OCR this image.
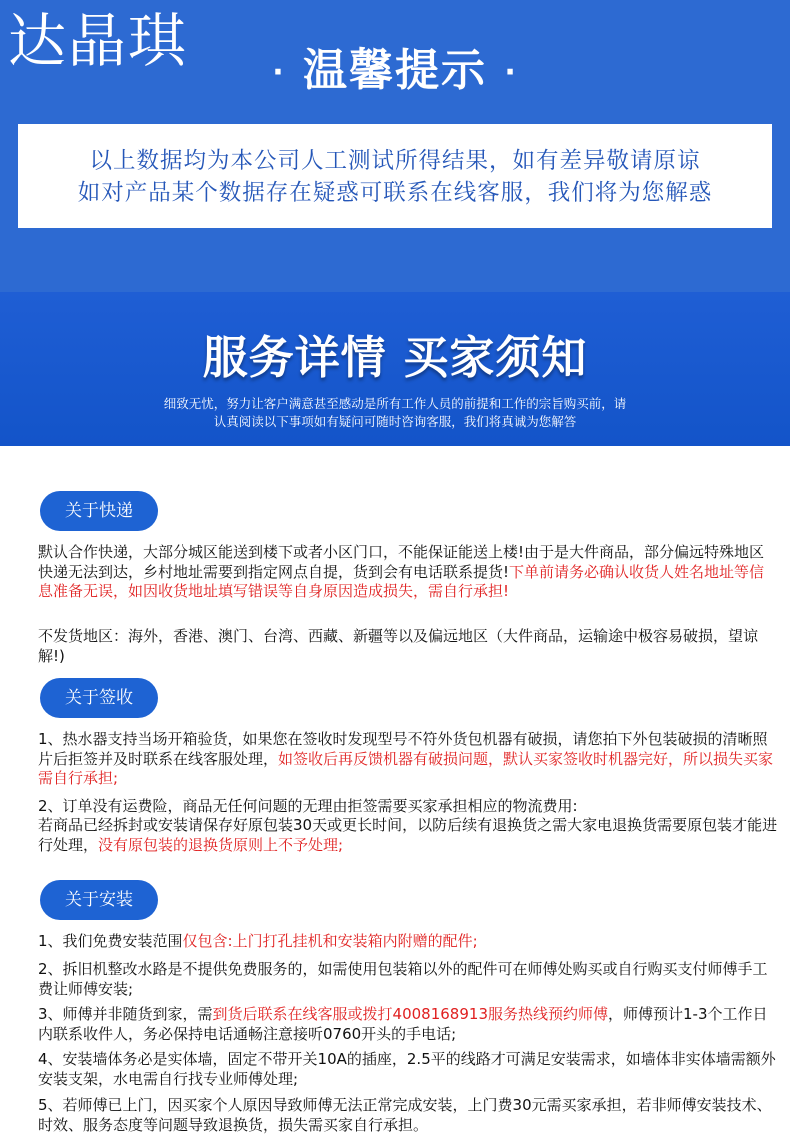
达晶琪	· 温馨提示 ·
以上数据均为本公司人工测试所得结果，如有差异敬请原谅
如对产品某个数据存在疑惑可联系在线客服，我们将为您解惑
服务详情 买家须知
细致无忧，努力让客户满意甚至感动是所有工作人员的前提和工作的宗旨购买前，请
认真阅读以下事项如有疑问可随时咨询客服，我们将真诚为您解答
关于快递
默认合作快递，大部分城区能送到楼下或者小区门口，不能保证能送上楼!由于是大件商品，部分偏远特殊地区快递无法到达，乡村地址需要到指定网点自提，货到会有电话联系提货!下单前请务必确认收货人姓名地址等信息准备无误，如因收货地址填写错误等自身原因造成损失，需自行承担!
不发货地区：海外，香港、澳门、台湾、西藏、新疆等以及偏远地区（大件商品，运输途中极容易破损，望谅解!)
关于签收
1、热水器支持当场开箱验货，如果您在签收时发现型号不符外货包机器有破损，请您拍下外包装破损的清晰照片后拒签并及时联系在线客服处理，如签收后再反馈机器有破损问题，默认买家签收时机器完好，所以损失买家需自行承担;
2、订单没有运费险，商品无任何问题的无理由拒签需要买家承担相应的物流费用:
若商品已经拆封或安装请保存好原包装30天或更长时间，以防后续有退换货之需大家电退换货需要原包装才能进行处理，没有原包装的退换货原则上不予处理;
关于安装
1、我们免费安装范围仅包含:上门打孔挂机和安装箱内附赠的配件;
2、拆旧机整改水路是不提供免费服务的，如需使用包装箱以外的配件可在师傅处购买或自行购买支付师傅手工费让师傅安装;
3、师傅并非随货到家，需到货后联系在线客服或拨打4008168913服务热线预约师傅，师傅预计1-3个工作日内联系收件人，务必保持电话通畅注意接听0760开头的手电话;
4、安装墙体务必是实体墙，固定不带开关10A的插座，2.5平的线路才可满足安装需求，如墙体非实体墙需额外安装支架，水电需自行找专业师傅处理;
5、若师傅已上门，因买家个人原因导致师傅无法正常完成安装，上门费30元需买家承担，若非师傅安装技术、时效、服务态度等问题导致退换货，损失需买家自行承担。
